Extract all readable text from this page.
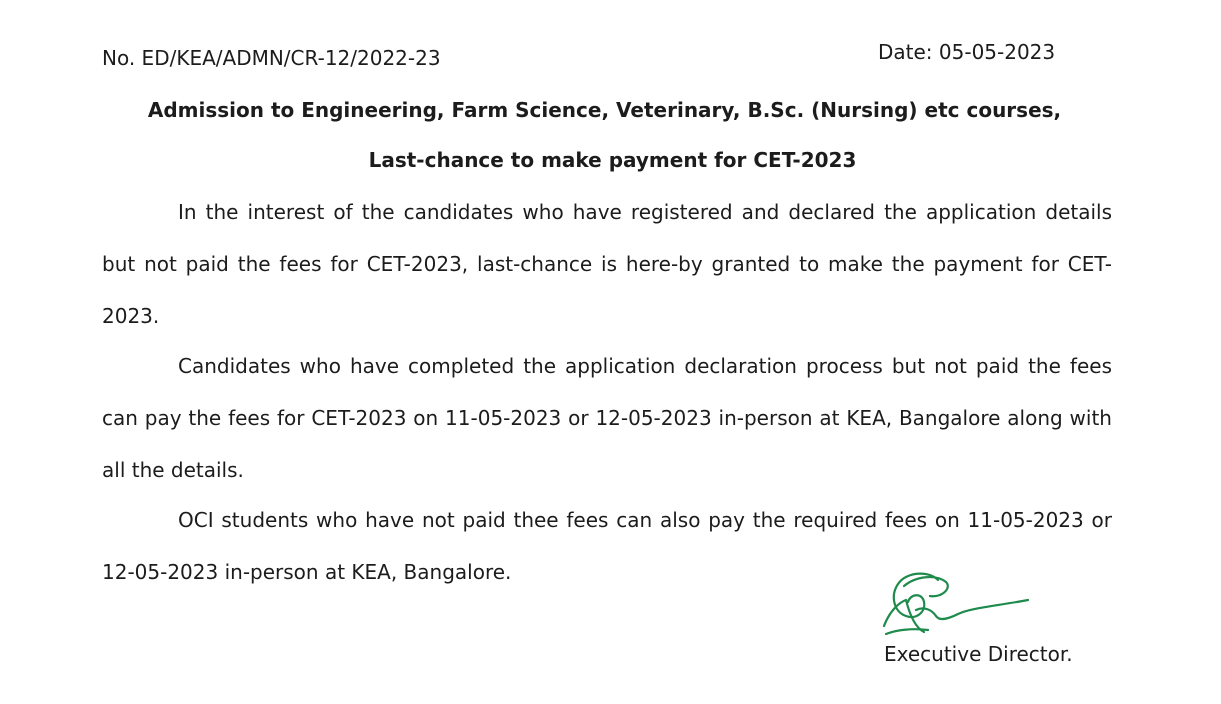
No. ED/KEA/ADMN/CR-12/2022-23	Date: 05-05-2023
Admission to Engineering, Farm Science, Veterinary, B.Sc. (Nursing) etc courses,
Last-chance to make payment for CET-2023

In the interest of the candidates who have registered and declared the application details but not paid the fees for CET-2023, last-chance is here-by granted to make the payment for CET-2023.

Candidates who have completed the application declaration process but not paid the fees can pay the fees for CET-2023 on 11-05-2023 or 12-05-2023 in-person at KEA, Bangalore along with all the details.

OCI students who have not paid thee fees can also pay the required fees on 11-05-2023 or 12-05-2023 in-person at KEA, Bangalore.

Executive Director.
